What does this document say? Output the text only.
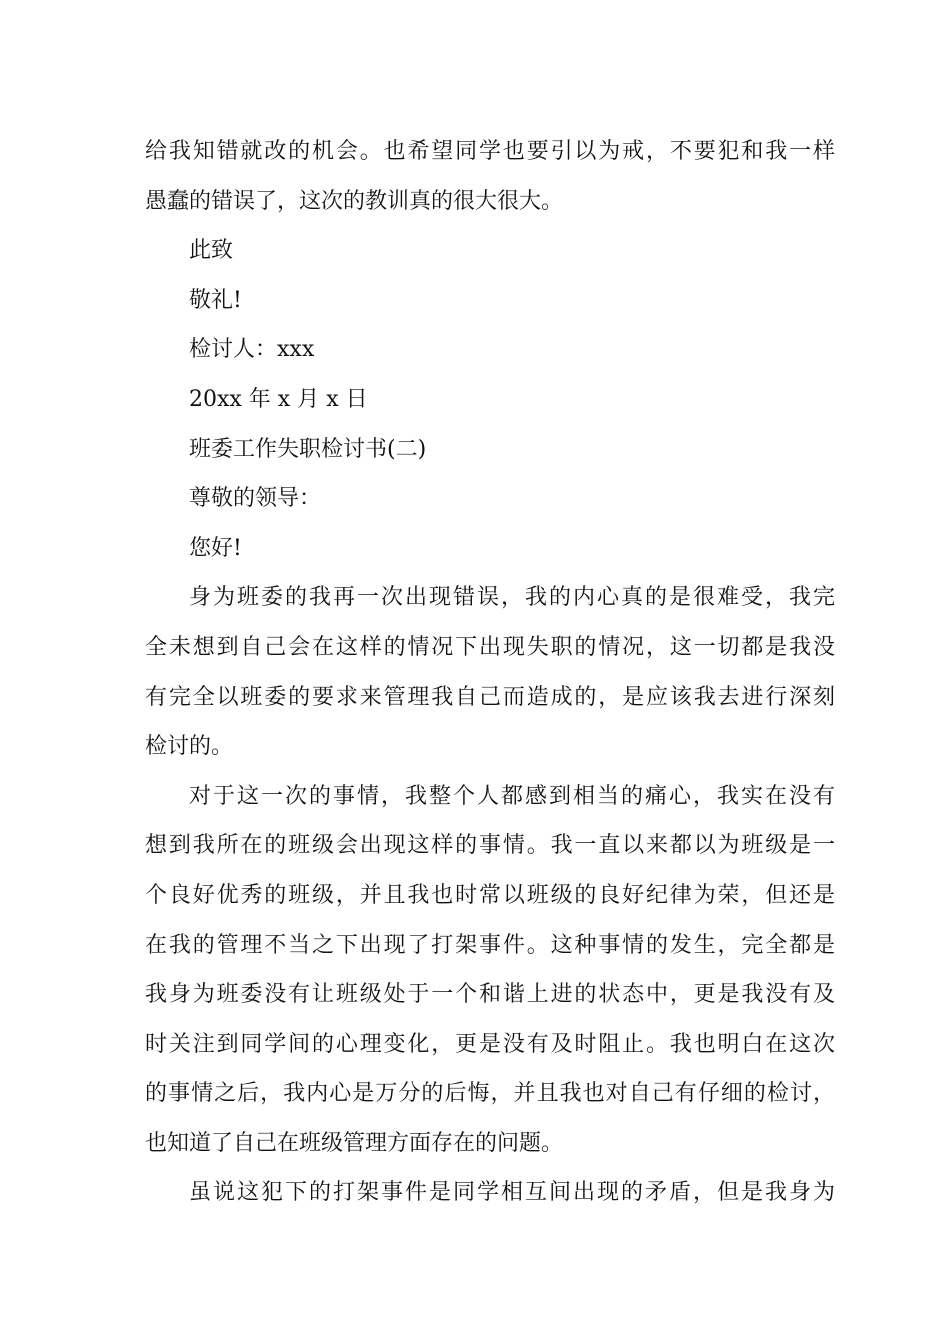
给我知错就改的机会。也希望同学也要引以为戒，不要犯和我一样
愚蠢的错误了，这次的教训真的很大很大。
此致
敬礼!
检讨人：xxx
20xx 年 x 月 x 日
班委工作失职检讨书(二)
尊敬的领导：
您好!
身为班委的我再一次出现错误，我的内心真的是很难受，我完
全未想到自己会在这样的情况下出现失职的情况，这一切都是我没
有完全以班委的要求来管理我自己而造成的，是应该我去进行深刻
检讨的。
对于这一次的事情，我整个人都感到相当的痛心，我实在没有
想到我所在的班级会出现这样的事情。我一直以来都以为班级是一
个良好优秀的班级，并且我也时常以班级的良好纪律为荣，但还是
在我的管理不当之下出现了打架事件。这种事情的发生，完全都是
我身为班委没有让班级处于一个和谐上进的状态中，更是我没有及
时关注到同学间的心理变化，更是没有及时阻止。我也明白在这次
的事情之后，我内心是万分的后悔，并且我也对自己有仔细的检讨，
也知道了自己在班级管理方面存在的问题。
虽说这犯下的打架事件是同学相互间出现的矛盾，但是我身为
